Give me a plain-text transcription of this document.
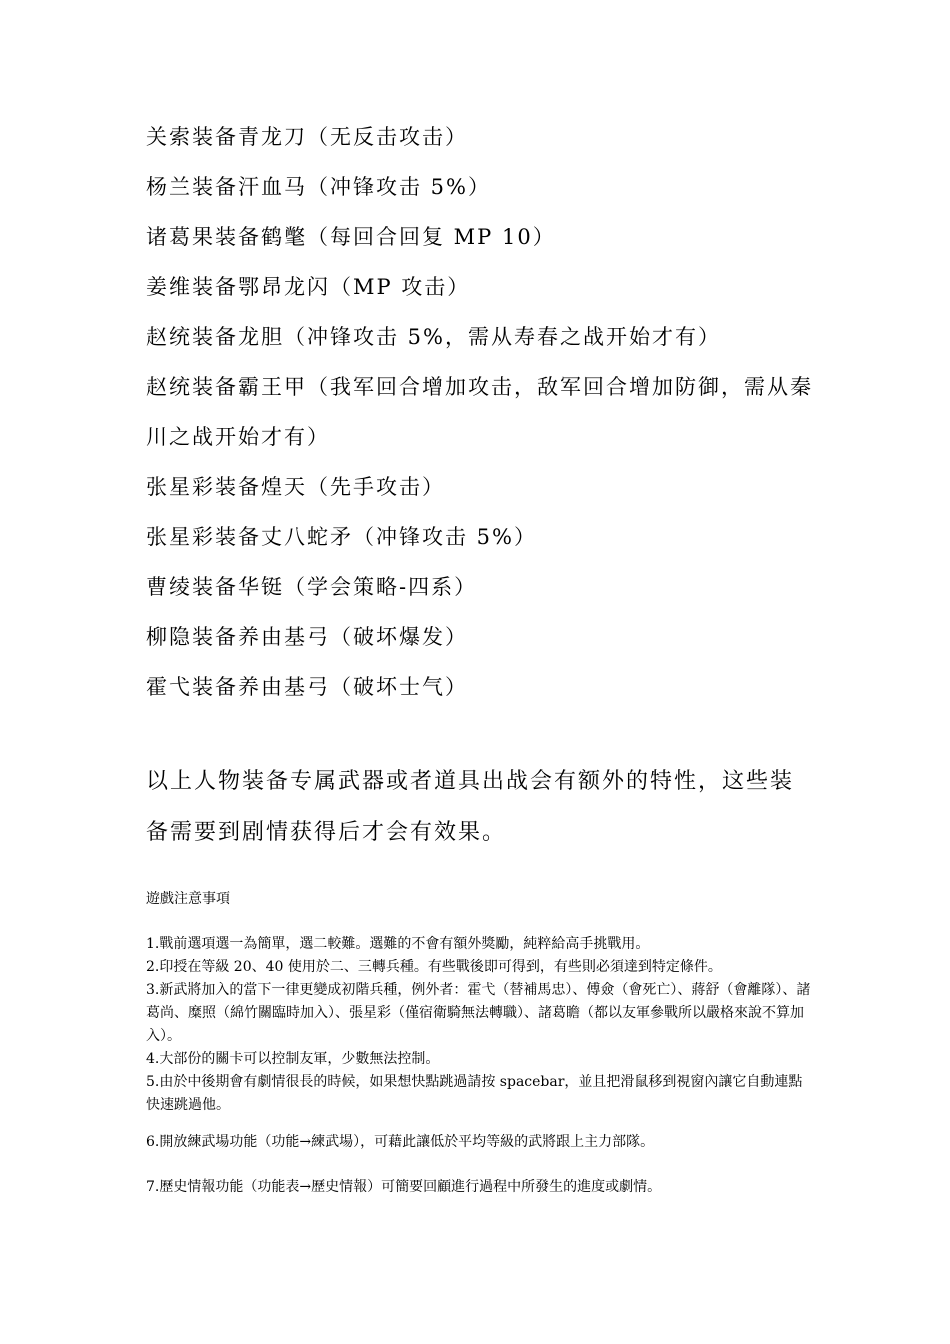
关索装备青龙刀（无反击攻击）
杨兰装备汗血马（冲锋攻击 5%）
诸葛果装备鹤氅（每回合回复 MP 10）
姜维装备鄂昂龙闪（MP 攻击）
赵统装备龙胆（冲锋攻击 5%，需从寿春之战开始才有）
赵统装备霸王甲（我军回合增加攻击，敌军回合增加防御，需从秦川之战开始才有）
张星彩装备煌天（先手攻击）
张星彩装备丈八蛇矛（冲锋攻击 5%）
曹绫装备华铤（学会策略-四系）
柳隐装备养由基弓（破坏爆发）
霍弋装备养由基弓（破坏士气）
以上人物装备专属武器或者道具出战会有额外的特性，这些装备需要到剧情获得后才会有效果。
遊戲注意事項
1.戰前選項選一為簡單，選二較難。選難的不會有額外獎勵，純粹給高手挑戰用。
2.印授在等級 20、40 使用於二、三轉兵種。有些戰後即可得到，有些則必須達到特定條件。
3.新武將加入的當下一律更變成初階兵種，例外者：霍弋（替補馬忠）、傅僉（會死亡）、蔣舒（會離隊）、諸葛尚、糜照（綿竹關臨時加入）、張星彩（僅宿衛騎無法轉職）、諸葛瞻（都以友軍參戰所以嚴格來說不算加入）。
4.大部份的關卡可以控制友軍，少數無法控制。
5.由於中後期會有劇情很長的時候，如果想快點跳過請按 spacebar，並且把滑鼠移到視窗內讓它自動連點快速跳過他。
6.開放練武場功能（功能→練武場），可藉此讓低於平均等級的武將跟上主力部隊。
7.歷史情報功能（功能表→歷史情報）可簡要回顧進行過程中所發生的進度或劇情。
